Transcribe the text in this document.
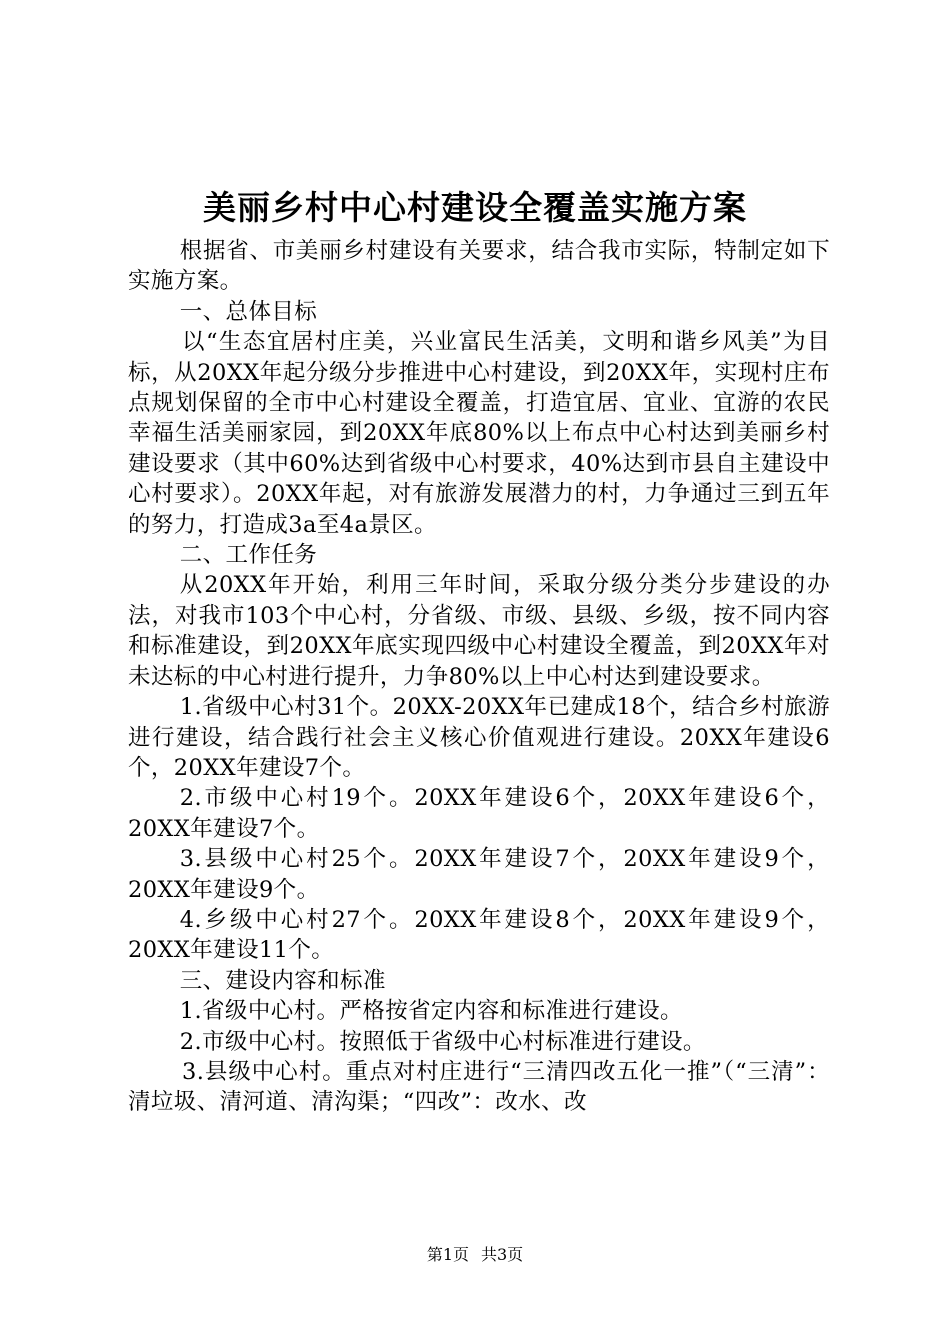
美丽乡村中心村建设全覆盖实施方案

根据省、市美丽乡村建设有关要求，结合我市实际，特制定如下实施方案。

一、总体目标

以“生态宜居村庄美，兴业富民生活美，文明和谐乡风美”为目标，从20XX年起分级分步推进中心村建设，到20XX年，实现村庄布点规划保留的全市中心村建设全覆盖，打造宜居、宜业、宜游的农民幸福生活美丽家园，到20XX年底80%以上布点中心村达到美丽乡村建设要求（其中60%达到省级中心村要求，40%达到市县自主建设中心村要求）。20XX年起，对有旅游发展潜力的村，力争通过三到五年的努力，打造成3a至4a景区。

二、工作任务

从20XX年开始，利用三年时间，采取分级分类分步建设的办法，对我市103个中心村，分省级、市级、县级、乡级，按不同内容和标准建设，到20XX年底实现四级中心村建设全覆盖，到20XX年对未达标的中心村进行提升，力争80%以上中心村达到建设要求。

1.省级中心村31个。20XX-20XX年已建成18个，结合乡村旅游进行建设，结合践行社会主义核心价值观进行建设。20XX年建设6个，20XX年建设7个。

2.市级中心村19个。20XX年建设6个，20XX年建设6个，20XX年建设7个。

3.县级中心村25个。20XX年建设7个，20XX年建设9个，20XX年建设9个。

4.乡级中心村27个。20XX年建设8个，20XX年建设9个，20XX年建设11个。

三、建设内容和标准

1.省级中心村。严格按省定内容和标准进行建设。

2.市级中心村。按照低于省级中心村标准进行建设。

3.县级中心村。重点对村庄进行“三清四改五化一推”（“三清”：清垃圾、清河道、清沟渠；“四改”：改水、改

第1页 共3页
